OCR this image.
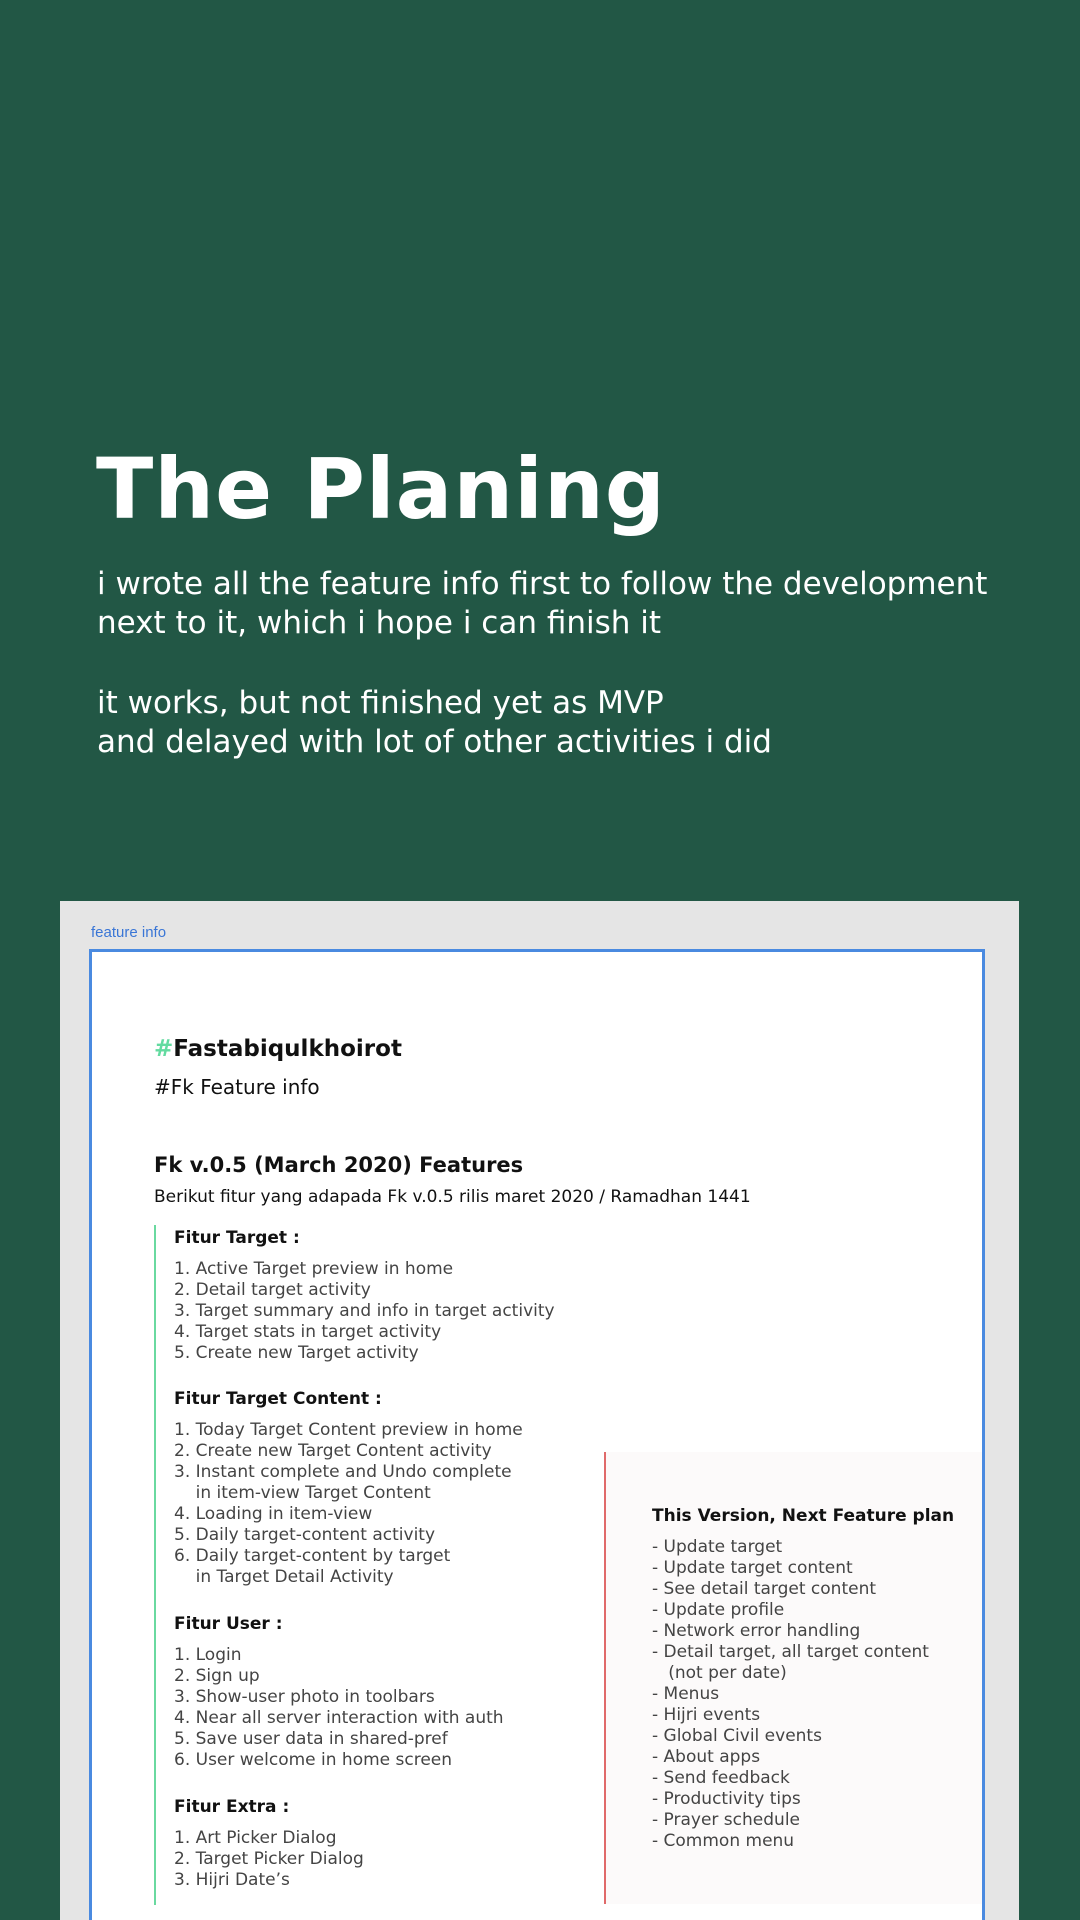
The Planing
i wrote all the feature info first to follow the development
next to it, which i hope i can finish it
it works, but not finished yet as MVP
and delayed with lot of other activities i did
feature info
#Fastabiqulkhoirot
#Fk Feature info
Fk v.0.5 (March 2020) Features
Berikut fitur yang adapada Fk v.0.5 rilis maret 2020 / Ramadhan 1441
Fitur Target :
1. Active Target preview in home
2. Detail target activity
3. Target summary and info in target activity
4. Target stats in target activity
5. Create new Target activity
Fitur Target Content :
1. Today Target Content preview in home
2. Create new Target Content activity
3. Instant complete and Undo complete
in item-view Target Content
4. Loading in item-view
5. Daily target-content activity
6. Daily target-content by target
in Target Detail Activity
Fitur User :
1. Login
2. Sign up
3. Show-user photo in toolbars
4. Near all server interaction with auth
5. Save user data in shared-pref
6. User welcome in home screen
Fitur Extra :
1. Art Picker Dialog
2. Target Picker Dialog
3. Hijri Date’s
This Version, Next Feature plan
- Update target
- Update target content
- See detail target content
- Update profile
- Network error handling
- Detail target, all target content
(not per date)
- Menus
- Hijri events
- Global Civil events
- About apps
- Send feedback
- Productivity tips
- Prayer schedule
- Common menu
